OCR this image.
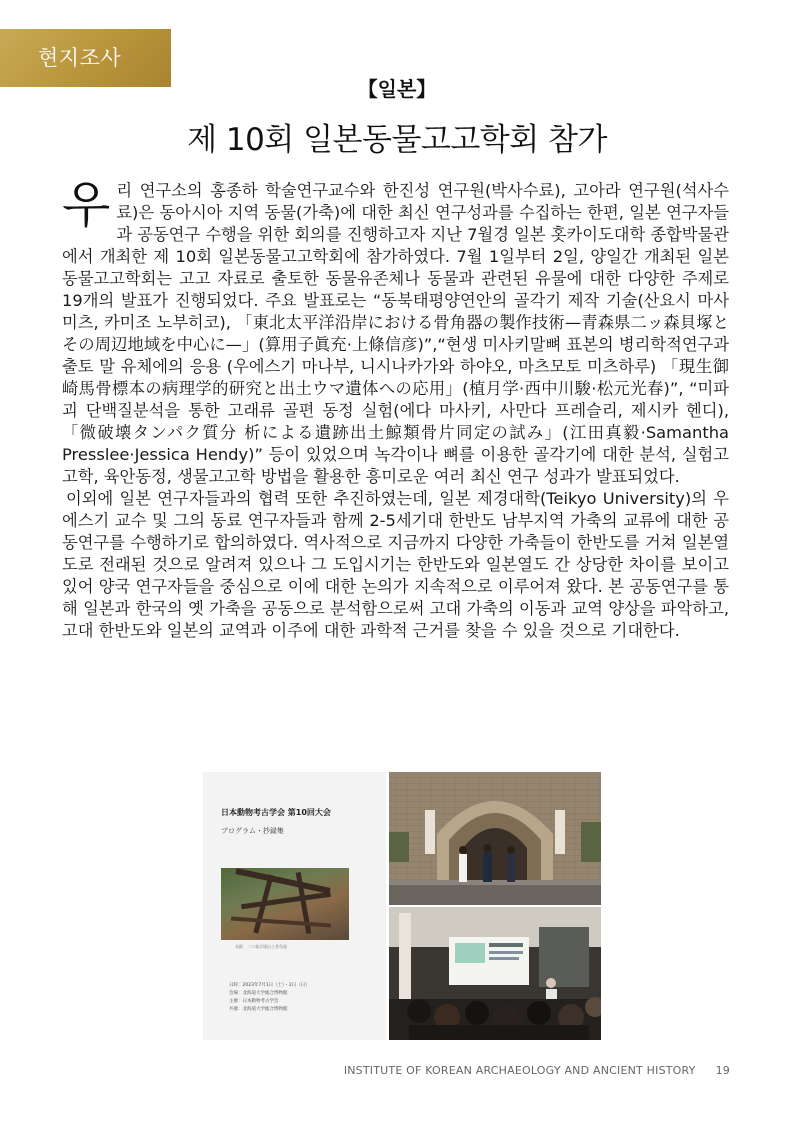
현지조사
【일본】
제 10회 일본동물고고학회 참가

우리 연구소의 홍종하 학술연구교수와 한진성 연구원(박사수료), 고아라 연구원(석사수료)은 동아시아 지역 동물(가축)에 대한 최신 연구성과를 수집하는 한편, 일본 연구자들과 공동연구 수행을 위한 회의를 진행하고자 지난 7월경 일본 홋카이도대학 종합박물관에서 개최한 제 10회 일본동물고고학회에 참가하였다. 7월 1일부터 2일, 양일간 개최된 일본동물고고학회는 고고 자료로 출토한 동물유존체나 동물과 관련된 유물에 대한 다양한 주제로 19개의 발표가 진행되었다. 주요 발표로는 “동북태평양연안의 골각기 제작 기술(산요시 마사미츠, 카미조 노부히코), 「東北太平洋沿岸における骨角器の製作技術—青森県二ッ森貝塚とその周辺地域を中心に—」(算用子眞充·上條信彦)”,“현생 미사키말뼈 표본의 병리학적연구과 출토 말 유체에의 응용 (우에스기 마나부, 니시나카가와 하야오, 마츠모토 미츠하루) 「現生御崎馬骨標本の病理学的研究と出土ウマ遺体への応用」(植月学·西中川駿·松元光春)”, “미파괴 단백질분석을 통한 고래류 골편 동정 실험(에다 마사키, 사만다 프레슬리, 제시카 헨디), 「微破壊タンパク質分 析による遺跡出土鯨類骨片同定の試み」(江田真毅·Samantha Presslee·Jessica Hendy)” 등이 있었으며 녹각이나 뼈를 이용한 골각기에 대한 분석, 실험고고학, 육안동정, 생물고고학 방법을 활용한 흥미로운 여러 최신 연구 성과가 발표되었다.

이외에 일본 연구자들과의 협력 또한 추진하였는데, 일본 제경대학(Teikyo University)의 우에스기 교수 및 그의 동료 연구자들과 함께 2-5세기대 한반도 남부지역 가축의 교류에 대한 공동연구를 수행하기로 합의하였다. 역사적으로 지금까지 다양한 가축들이 한반도를 거쳐 일본열도로 전래된 것으로 알려져 있으나 그 도입시기는 한반도와 일본열도 간 상당한 차이를 보이고 있어 양국 연구자들을 중심으로 이에 대한 논의가 지속적으로 이루어져 왔다. 본 공동연구를 통해 일본과 한국의 옛 가축을 공동으로 분석함으로써 고대 가축의 이동과 교역 양상을 파악하고, 고대 한반도와 일본의 교역과 이주에 대한 과학적 근거를 찾을 수 있을 것으로 기대한다.

日本動物考古学会 第10回大会
プログラム・抄録集
表紙：二ツ森貝塚出土骨角器
日時：2023年7月1日（土）・2日（日）
会場：北海道大学総合博物館
主催：日本動物考古学会
共催：北海道大学総合博物館
INSTITUTE OF KOREAN ARCHAEOLOGY AND ANCIENT HISTORY 19
